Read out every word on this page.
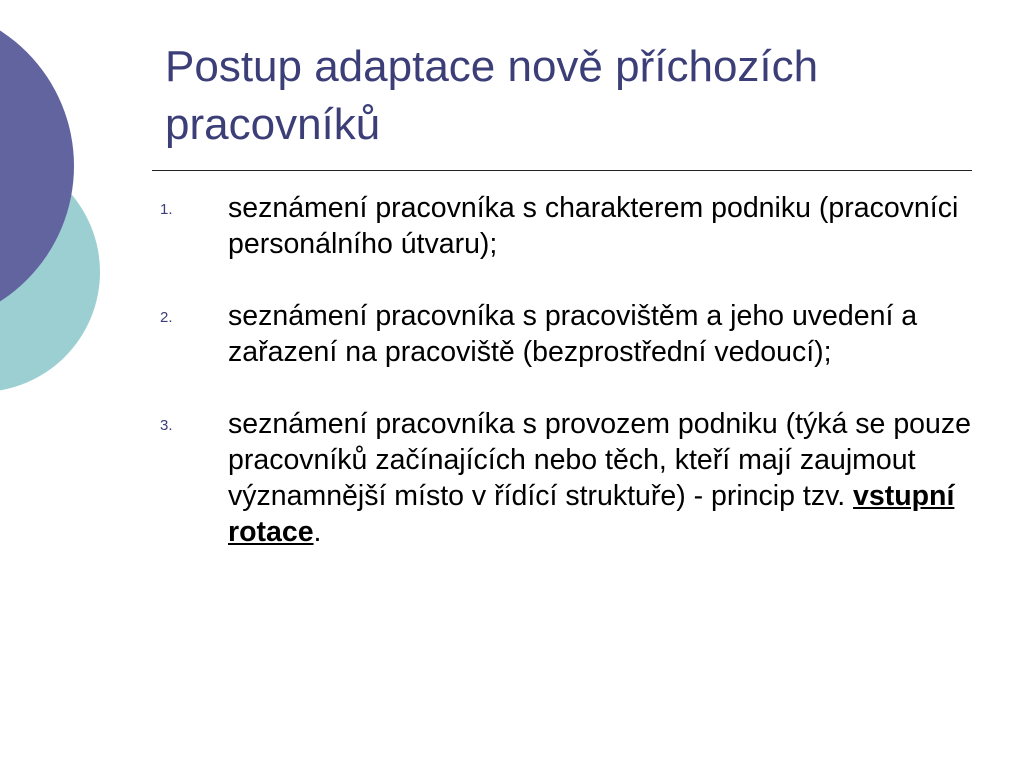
Postup adaptace nově příchozích pracovníků
1. seznámení pracovníka s charakterem podniku (pracovníci personálního útvaru);
2. seznámení pracovníka s pracovištěm a jeho uvedení a zařazení na pracoviště (bezprostřední vedoucí);
3. seznámení pracovníka s provozem podniku (týká se pouze pracovníků začínajících nebo těch, kteří mají zaujmout významnější místo v řídící struktuře) - princip tzv. vstupní rotace.
